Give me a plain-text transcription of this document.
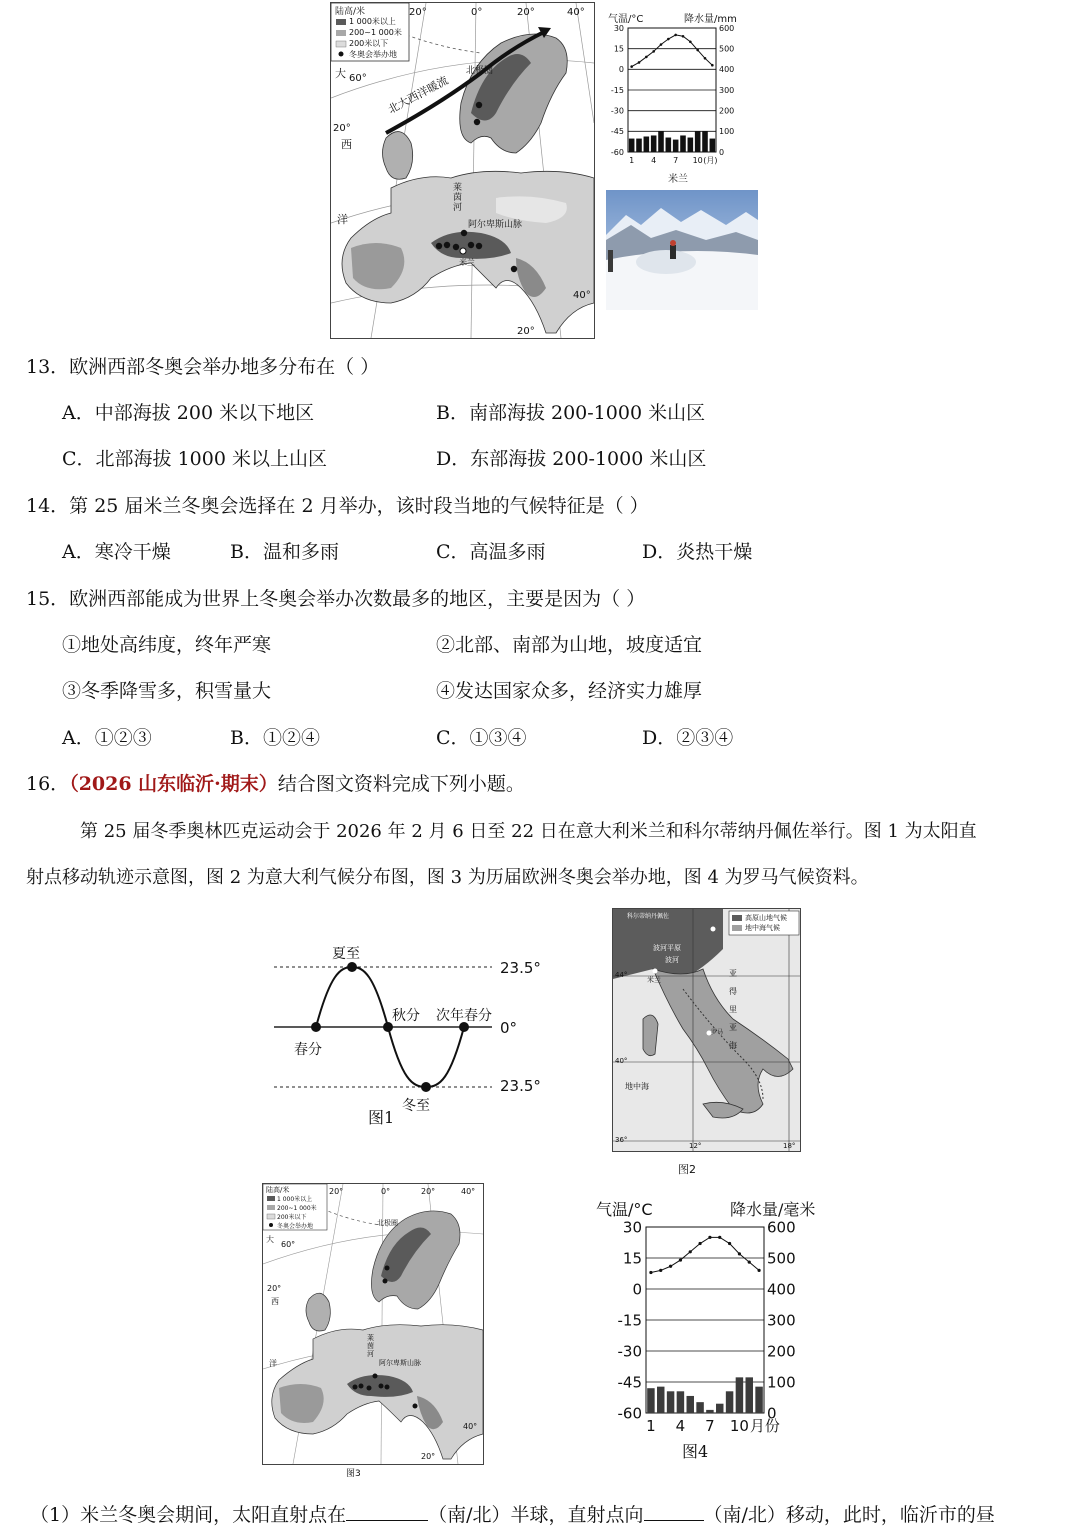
陆高/米
1 000米以上
200~1 000米
200米以下
冬奥会举办地
20°	0°	20°	40°
60°
20°
40°
20°
北极圈
北大西洋暖流
大
西
洋
莱茵河
阿尔卑斯山脉
米兰
气温/°C	降水量/mm
30	600
15	500
0	400
-15	300
-30	200
-45	100
-60	0
1 4 7 10 (月)
米兰
13．欧洲西部冬奥会举办地多分布在（ ）
A．中部海拔 200 米以下地区	B．南部海拔 200-1000 米山区
C．北部海拔 1000 米以上山区	D．东部海拔 200-1000 米山区
14．第 25 届米兰冬奥会选择在 2 月举办，该时段当地的气候特征是（ ）
A．寒冷干燥	B．温和多雨	C．高温多雨	D．炎热干燥
15．欧洲西部能成为世界上冬奥会举办次数最多的地区，主要是因为（ ）
①地处高纬度，终年严寒	②北部、南部为山地，坡度适宜
③冬季降雪多，积雪量大	④发达国家众多，经济实力雄厚
A．①②③	B．①②④	C．①③④	D．②③④
16．（2026 山东临沂·期末）结合图文资料完成下列小题。
第 25 届冬季奥林匹克运动会于 2026 年 2 月 6 日至 22 日在意大利米兰和科尔蒂纳丹佩佐举行。图 1 为太阳直
射点移动轨迹示意图，图 2 为意大利气候分布图，图 3 为历届欧洲冬奥会举办地，图 4 为罗马气候资料。
夏至
春分
秋分 次年春分
冬至
23.5°
0°
23.5°
图1
科尔蒂纳丹佩佐	高原山地气候
地中海气候
44°
40°
36°
12°	18°
米兰
罗马
波河平原
波河
亚得里亚海
地中海
图2
陆高/米
1 000米以上
200~1 000米
200米以下
冬奥会举办地
20°	0°	20°	40°
北极圈
大
60°
20°
西
洋
莱茵河
阿尔卑斯山脉
40°
20°
图3
气温/°C	降水量/毫米
30	600
15	500
0	400
-15	300
-30	200
-45	100
-60	0
1 4 7 10 月份
图4
（1）米兰冬奥会期间，太阳直射点在	（南/北）半球，直射点向	（南/北）移动，此时，临沂市的昼
